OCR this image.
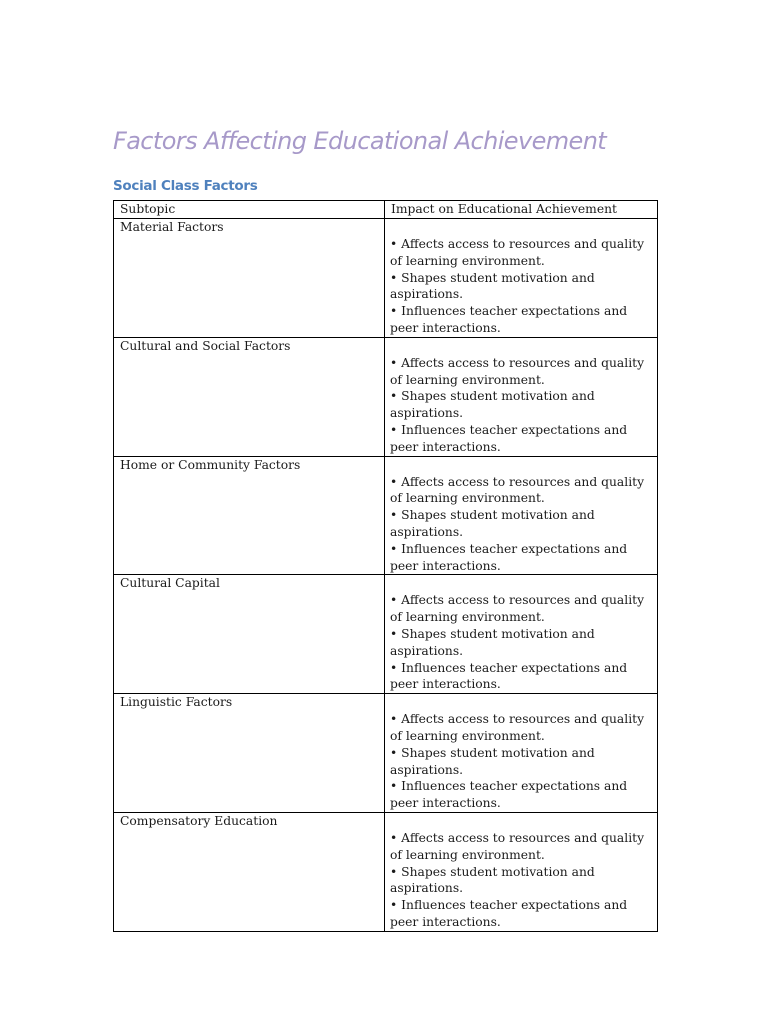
Factors Affecting Educational Achievement
Social Class Factors
Subtopic	Impact on Educational Achievement
Material Factors	• Affects access to resources and quality of learning environment.
• Shapes student motivation and aspirations.
• Influences teacher expectations and peer interactions.

Cultural and Social Factors	• Affects access to resources and quality of learning environment.
• Shapes student motivation and aspirations.
• Influences teacher expectations and peer interactions.

Home or Community Factors	• Affects access to resources and quality of learning environment.
• Shapes student motivation and aspirations.
• Influences teacher expectations and peer interactions.

Cultural Capital	• Affects access to resources and quality of learning environment.
• Shapes student motivation and aspirations.
• Influences teacher expectations and peer interactions.

Linguistic Factors	• Affects access to resources and quality of learning environment.
• Shapes student motivation and aspirations.
• Influences teacher expectations and peer interactions.

Compensatory Education	• Affects access to resources and quality of learning environment.
• Shapes student motivation and aspirations.
• Influences teacher expectations and peer interactions.
